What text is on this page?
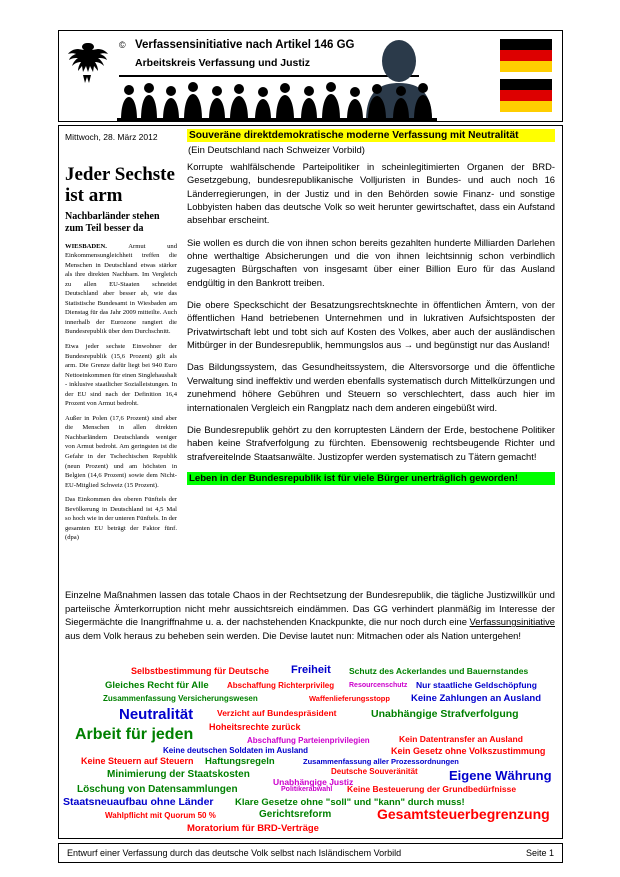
© Verfassensinitiative nach Artikel 146 GG
Arbeitskreis Verfassung und Justiz
Mittwoch, 28. März 2012	Souveräne direktdemokratische moderne Verfassung mit Neutralität
(Ein Deutschland nach Schweizer Vorbild)
Jeder Sechste ist arm
Nachbarländer stehen zum Teil besser da
WIESBADEN.	Armut und Einkommensungleichheit treffen die Menschen in Deutschland etwas stärker als ihre direkten Nachbarn. Im Vergleich zu allen EU-Staaten schneidet Deutschland aber besser ab, wie das Statistische Bundesamt in Wiesbaden am Dienstag für das Jahr 2009 mitteilte. Auch innerhalb der Eurozone rangiert die Bundesrepublik über dem Durchschnitt.
Etwa jeder sechste Einwohner der Bundesrepublik (15,6 Prozent) gilt als arm. Die Grenze dafür liegt bei 940 Euro Nettoeinkommen für einen Singlehaushalt - inklusive staatlicher Sozialleistungen. In der EU sind nach der Definition 16,4 Prozent von Armut bedroht.
Außer in Polen (17,6 Prozent) sind aber die Menschen in allen direkten Nachbarländern Deutschlands weniger von Armut bedroht. Am geringsten ist die Gefahr in der Tschechischen Republik (neun Prozent) und am höchsten in Belgien (14,6 Prozent) sowie dem Nicht-EU-Mitglied Schweiz (15 Prozent).
Das Einkommen des oberen Fünftels der Bevölkerung in Deutschland ist 4,5 Mal so hoch wie in der unteren Fünftels. In der gesamten EU beträgt der Faktor fünf. (dpa)
Korrupte wahlfälschende Parteipolitiker in scheinlegitimierten Organen der BRD-Gesetzgebung, bundesrepublikanische Volljuristen in Bundes- und auch noch 16 Länderregierungen, in der Justiz und in den Behörden sowie Finanz- und sonstige Lobbyisten haben das deutsche Volk so weit herunter gewirtschaftet, dass ein Aufstand absehbar erscheint.
Sie wollen es durch die von ihnen schon bereits gezahlten hunderte Milliarden Darlehen ohne werthaltige Absicherungen und die von ihnen leichtsinnig schon verbindlich zugesagten Bürgschaften von insgesamt über einer Billion Euro für das Ausland endgültig in den Bankrott treiben.
Die obere Speckschicht der Besatzungsrechtsknechte in öffentlichen Ämtern, von der öffentlichen Hand betriebenen Unternehmen und in lukrativen Aufsichtsposten der Privatwirtschaft lebt und tobt sich auf Kosten des Volkes, aber auch der ausländischen Mitbürger in der Bundesrepublik, hemmungslos aus → und begünstigt nur das Ausland!
Das Bildungssystem, das Gesundheitssystem, die Altersvorsorge und die öffentliche Verwaltung sind ineffektiv und werden ebenfalls systematisch durch Mittelkürzungen und zunehmend höhere Gebühren und Steuern so verschlechtert, dass auch hier im internationalen Vergleich ein Rangplatz nach dem anderen eingebüßt wird.
Die Bundesrepublik gehört zu den korruptesten Ländern der Erde, bestochene Politiker haben keine Strafverfolgung zu fürchten. Ebensowenig rechtsbeugende Richter und strafvereitelnde Staatsanwälte. Justizopfer werden systematisch zu Tätern gemacht!
Leben in der Bundesrepublik ist für viele Bürger unerträglich geworden!
Einzelne Maßnahmen lassen das totale Chaos in der Rechtsetzung der Bundesrepublik, die tägliche Justizwillkür und parteiische Ämterkorruption nicht mehr aussichtsreich eindämmen. Das GG verhindert planmäßig im Interesse der Siegermächte die Inangriffnahme u. a. der nachstehenden Knackpunkte, die nur noch durch eine Verfassungsinitiative aus dem Volk heraus zu beheben sein werden. Die Devise lautet nun: Mitmachen oder als Nation untergehen!
Selbstbestimmung für Deutsche Freiheit Schutz des Ackerlandes und Bauernstandes
Gleiches Recht für Alle Abschaffung Richterprivileg Resourcenschutz Nur staatliche Geldschöpfung
Zusammenfassung Versicherungswesen	Waffenlieferungsstopp Keine Zahlungen an Ausland
Neutralität	Verzicht auf Bundespräsident	Unabhängige Strafverfolgung
Hoheitsrechte zurück
Arbeit für jeden	Abschaffung Parteienprivilegien	Kein Datentransfer an Ausland
Keine deutschen Soldaten im Ausland	Kein Gesetz ohne Volkszustimmung
Keine Steuern auf Steuern Haftungsregeln	Zusammenfassung aller Prozessordnungen
Minimierung der Staatskosten	Deutsche Souveränität
Unabhängige Justiz	Eigene Währung
Löschung von Datensammlungen	Politikerabwahl Keine Besteuerung der Grundbedürfnisse
Staatsneuaufbau ohne Länder Klare Gesetze ohne "soll" und "kann" durch muss!
Wahlpflicht mit Quorum 50 %	Gerichtsreform	Gesamtsteuerbegrenzung
Moratorium für BRD-Verträge
Entwurf einer Verfassung durch das deutsche Volk selbst nach Isländischem Vorbild	Seite 1
